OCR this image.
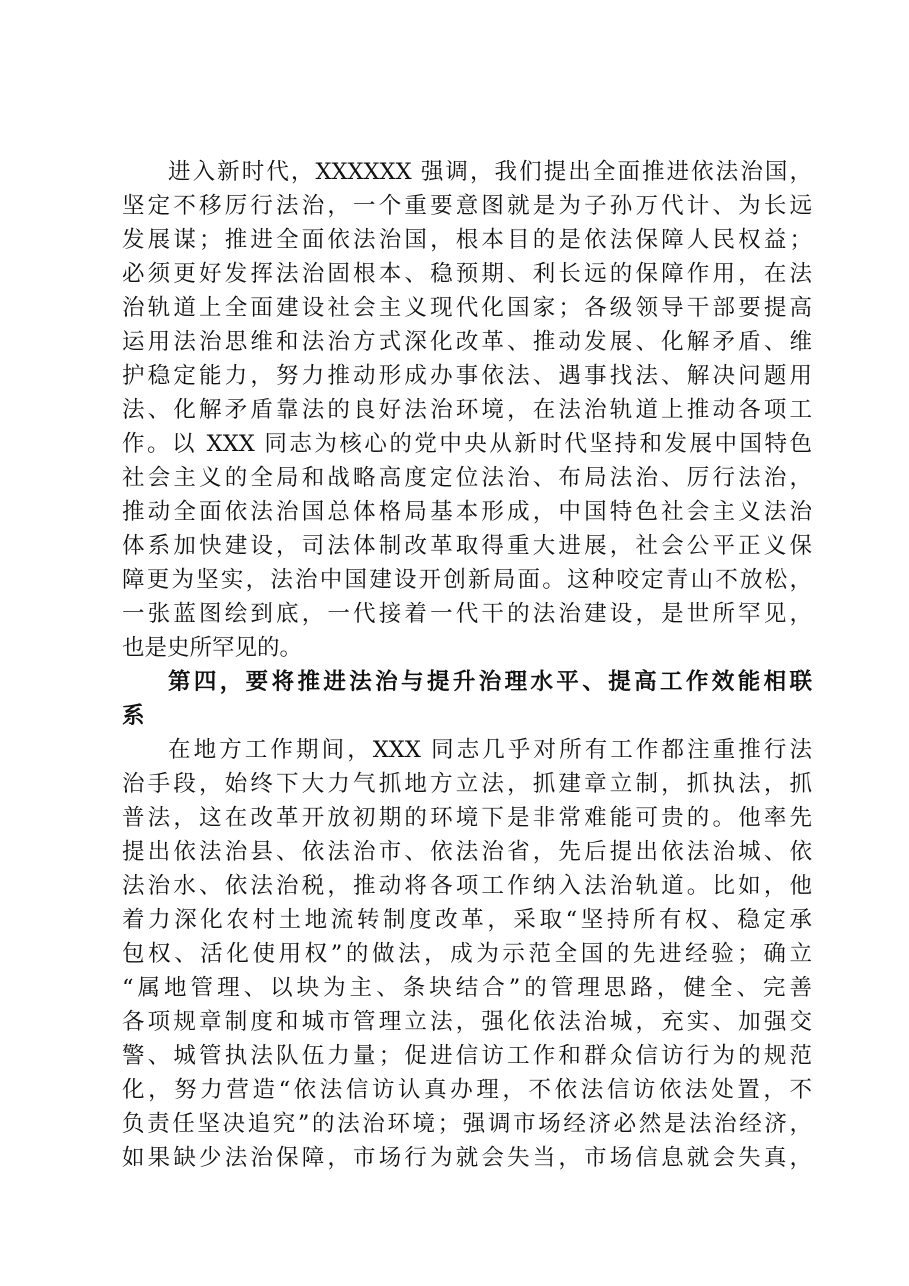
进入新时代，XXXXXX 强调，我们提出全面推进依法治国，
坚定不移厉行法治，一个重要意图就是为子孙万代计、为长远
发展谋；推进全面依法治国，根本目的是依法保障人民权益；
必须更好发挥法治固根本、稳预期、利长远的保障作用，在法
治轨道上全面建设社会主义现代化国家；各级领导干部要提高
运用法治思维和法治方式深化改革、推动发展、化解矛盾、维
护稳定能力，努力推动形成办事依法、遇事找法、解决问题用
法、化解矛盾靠法的良好法治环境，在法治轨道上推动各项工
作。以 XXX 同志为核心的党中央从新时代坚持和发展中国特色
社会主义的全局和战略高度定位法治、布局法治、厉行法治，
推动全面依法治国总体格局基本形成，中国特色社会主义法治
体系加快建设，司法体制改革取得重大进展，社会公平正义保
障更为坚实，法治中国建设开创新局面。这种咬定青山不放松，
一张蓝图绘到底，一代接着一代干的法治建设，是世所罕见，
也是史所罕见的。
第四，要将推进法治与提升治理水平、提高工作效能相联
系
在地方工作期间，XXX 同志几乎对所有工作都注重推行法
治手段，始终下大力气抓地方立法，抓建章立制，抓执法，抓
普法，这在改革开放初期的环境下是非常难能可贵的。他率先
提出依法治县、依法治市、依法治省，先后提出依法治城、依
法治水、依法治税，推动将各项工作纳入法治轨道。比如，他
着力深化农村土地流转制度改革，采取“坚持所有权、稳定承
包权、活化使用权”的做法，成为示范全国的先进经验；确立
“属地管理、以块为主、条块结合”的管理思路，健全、完善
各项规章制度和城市管理立法，强化依法治城，充实、加强交
警、城管执法队伍力量；促进信访工作和群众信访行为的规范
化，努力营造“依法信访认真办理，不依法信访依法处置，不
负责任坚决追究”的法治环境；强调市场经济必然是法治经济，
如果缺少法治保障，市场行为就会失当，市场信息就会失真，
